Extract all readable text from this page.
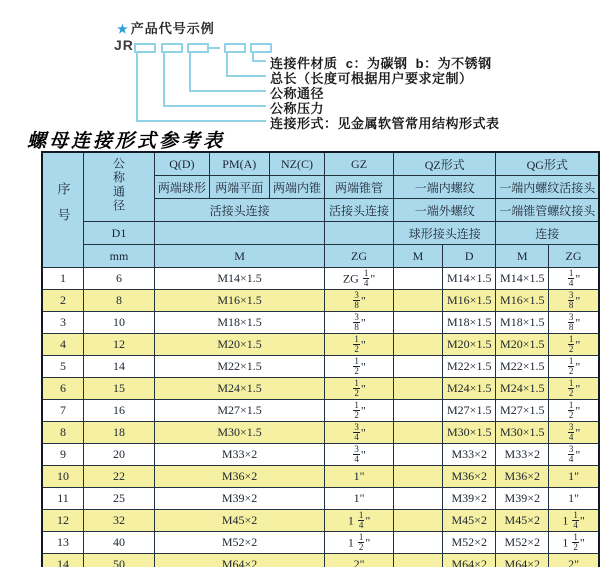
★ 产品代号示例
JR
连接件材质  c：为碳钢  b：为不锈钢
总长（长度可根据用户要求定制）
公称通径
公称压力
连接形式：见金属软管常用结构形式表
螺母连接形式参考表
序号	公称通径	Q(D)	PM(A)	NZ(C)	GZ	QZ形式		QG形式	
		两端球形	两端平面	两端内锥	两端锥管	一端内螺纹		一端内螺纹活接头	
		活接头连接			活接头连接	一端外螺纹		一端锥管螺纹接头	
	D1					球形接头连接		连接	
	mm	M			ZG	M	D	M	ZG
1	6	M14×1.5			ZG $\frac{1}{4}$ "		M14×1.5	M14×1.5	$\frac{1}{4}$ "
2	8	M16×1.5			$\frac{3}{8}$ "		M16×1.5	M16×1.5	$\frac{3}{8}$ "
3	10	M18×1.5			$\frac{3}{8}$ "		M18×1.5	M18×1.5	$\frac{3}{8}$ "
4	12	M20×1.5			$\frac{1}{2}$ "		M20×1.5	M20×1.5	$\frac{1}{2}$ "
5	14	M22×1.5			$\frac{1}{2}$ "		M22×1.5	M22×1.5	$\frac{1}{2}$ "
6	15	M24×1.5			$\frac{1}{2}$ "		M24×1.5	M24×1.5	$\frac{1}{2}$ "
7	16	M27×1.5			$\frac{1}{2}$ "		M27×1.5	M27×1.5	$\frac{1}{2}$ "
8	18	M30×1.5			$\frac{3}{4}$ "		M30×1.5	M30×1.5	$\frac{3}{4}$ "
9	20	M33×2			$\frac{3}{4}$ "		M33×2	M33×2	$\frac{3}{4}$ "
10	22	M36×2			1"		M36×2	M36×2	1"
11	25	M39×2			1"		M39×2	M39×2	1"
12	32	M45×2			$1 \frac{1}{4}$ "		M45×2	M45×2	$1 \frac{1}{4}$ "
13	40	M52×2			$1 \frac{1}{2}$ "		M52×2	M52×2	$1 \frac{1}{2}$ "
14	50	M64×2			2"		M64×2	M64×2	2"
